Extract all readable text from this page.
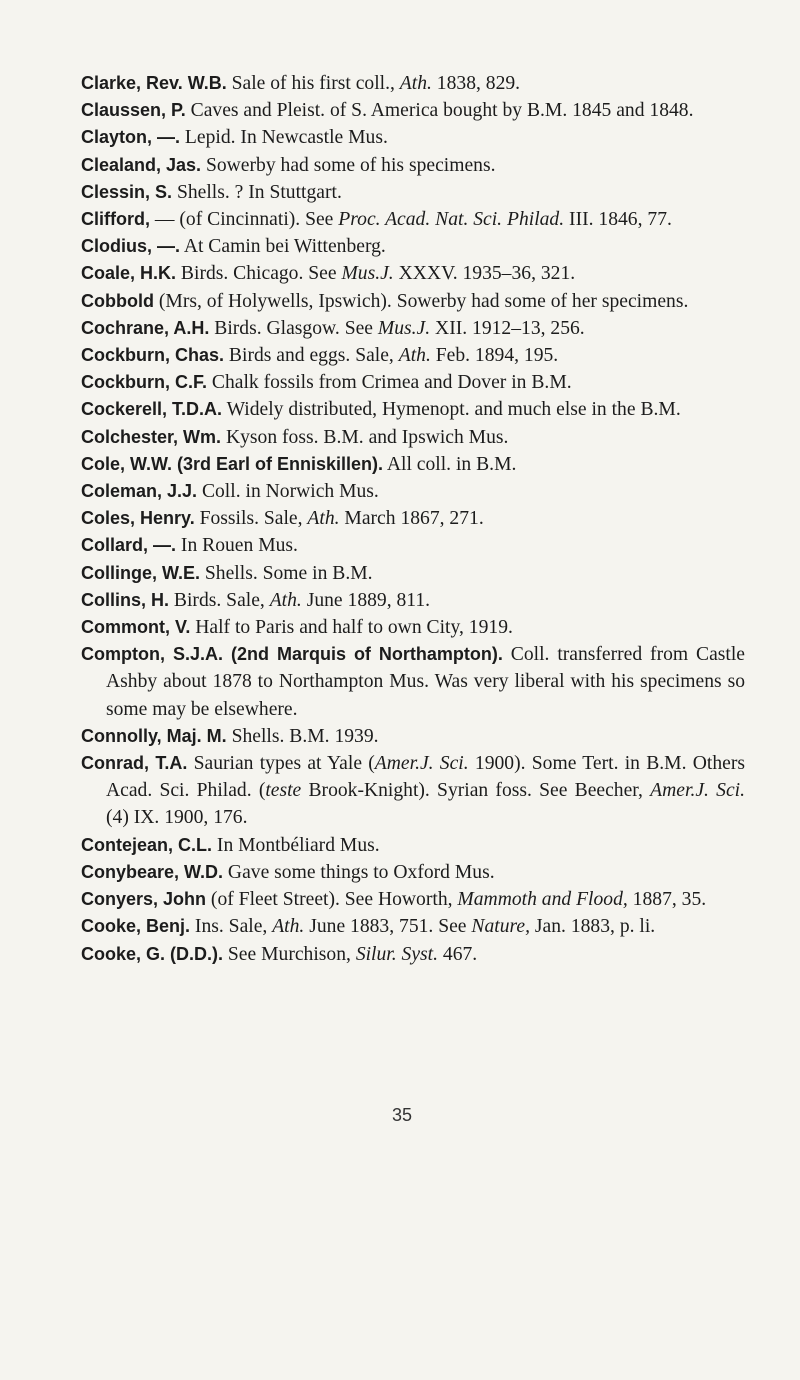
Clarke, Rev. W.B. Sale of his first coll., Ath. 1838, 829.
Claussen, P. Caves and Pleist. of S. America bought by B.M. 1845 and 1848.
Clayton, —. Lepid. In Newcastle Mus.
Clealand, Jas. Sowerby had some of his specimens.
Clessin, S. Shells. ? In Stuttgart.
Clifford, — (of Cincinnati). See Proc. Acad. Nat. Sci. Philad. III. 1846, 77.
Clodius, —. At Camin bei Wittenberg.
Coale, H.K. Birds. Chicago. See Mus.J. XXXV. 1935–36, 321.
Cobbold (Mrs, of Holywells, Ipswich). Sowerby had some of her specimens.
Cochrane, A.H. Birds. Glasgow. See Mus.J. XII. 1912–13, 256.
Cockburn, Chas. Birds and eggs. Sale, Ath. Feb. 1894, 195.
Cockburn, C.F. Chalk fossils from Crimea and Dover in B.M.
Cockerell, T.D.A. Widely distributed, Hymenopt. and much else in the B.M.
Colchester, Wm. Kyson foss. B.M. and Ipswich Mus.
Cole, W.W. (3rd Earl of Enniskillen). All coll. in B.M.
Coleman, J.J. Coll. in Norwich Mus.
Coles, Henry. Fossils. Sale, Ath. March 1867, 271.
Collard, —. In Rouen Mus.
Collinge, W.E. Shells. Some in B.M.
Collins, H. Birds. Sale, Ath. June 1889, 811.
Commont, V. Half to Paris and half to own City, 1919.
Compton, S.J.A. (2nd Marquis of Northampton). Coll. transferred from Castle Ashby about 1878 to Northampton Mus. Was very liberal with his specimens so some may be elsewhere.
Connolly, Maj. M. Shells. B.M. 1939.
Conrad, T.A. Saurian types at Yale (Amer.J. Sci. 1900). Some Tert. in B.M. Others Acad. Sci. Philad. (teste Brook-Knight). Syrian foss. See Beecher, Amer.J. Sci. (4) IX. 1900, 176.
Contejean, C.L. In Montbéliard Mus.
Conybeare, W.D. Gave some things to Oxford Mus.
Conyers, John (of Fleet Street). See Howorth, Mammoth and Flood, 1887, 35.
Cooke, Benj. Ins. Sale, Ath. June 1883, 751. See Nature, Jan. 1883, p. li.
Cooke, G. (D.D.). See Murchison, Silur. Syst. 467.
35
